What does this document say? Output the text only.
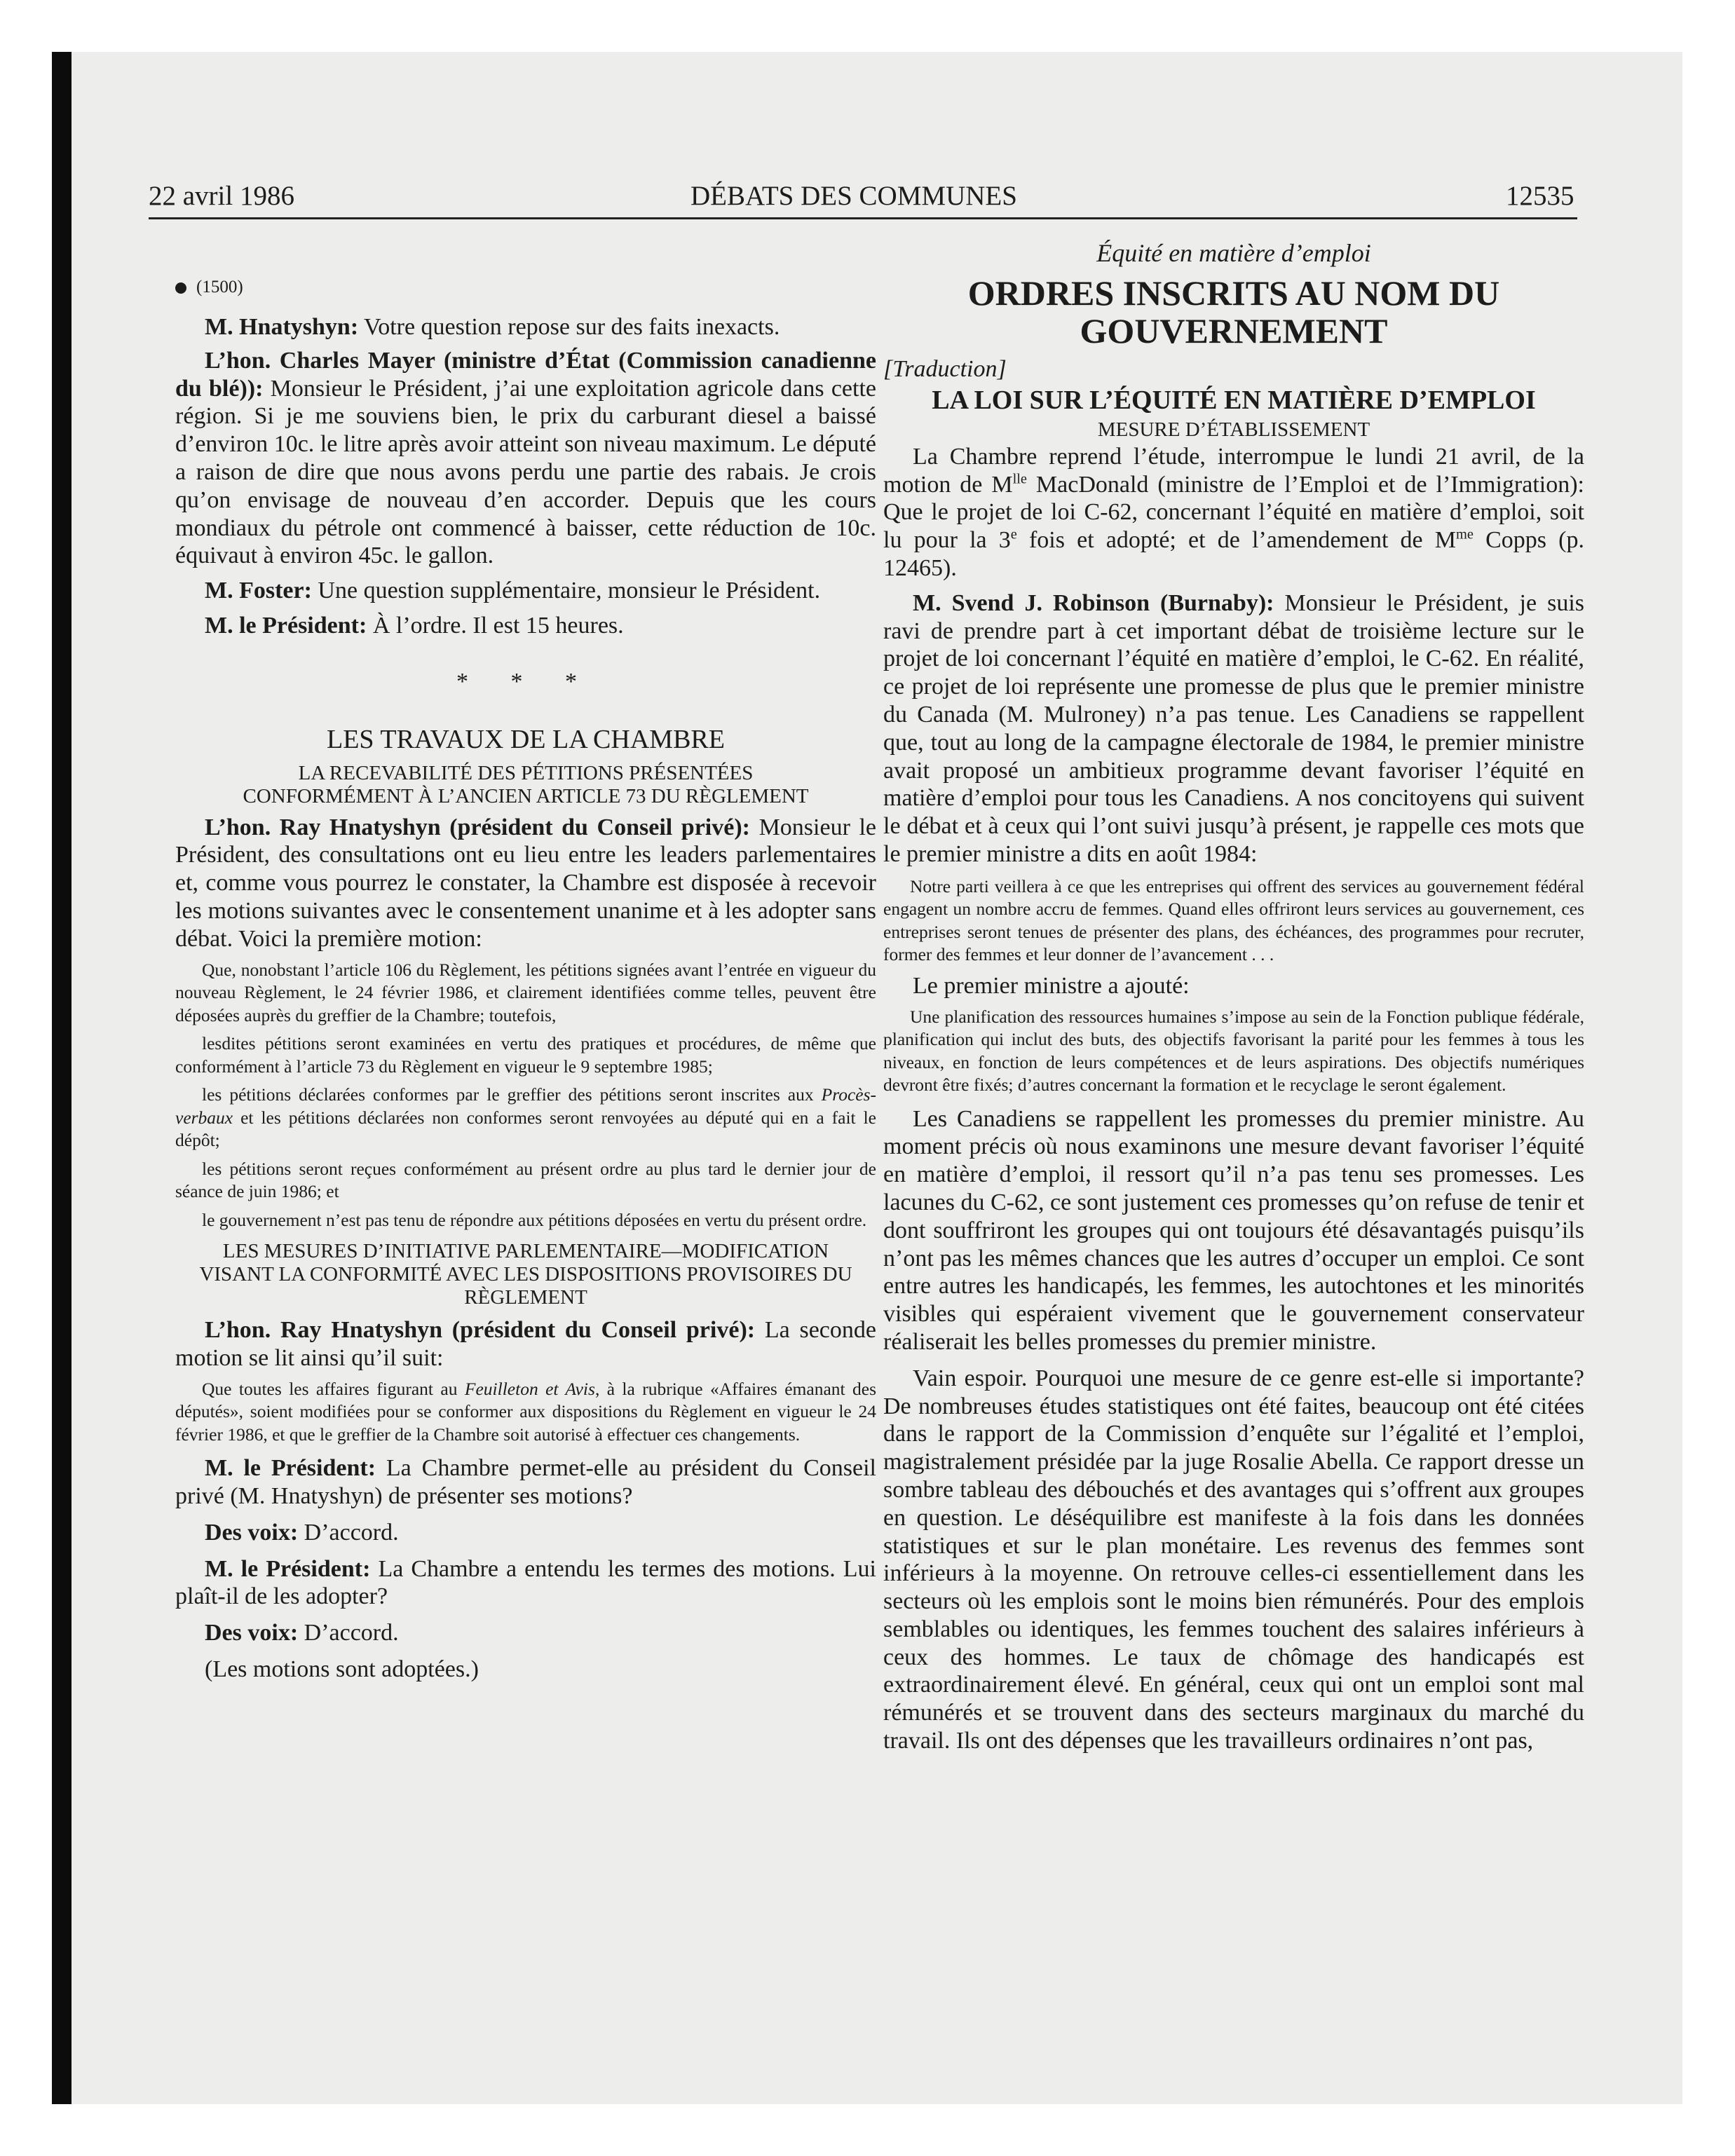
22 avril 1986	DÉBATS DES COMMUNES	12535

(1500)

M. Hnatyshyn: Votre question repose sur des faits inexacts.

L’hon. Charles Mayer (ministre d’État (Commission canadienne du blé)): Monsieur le Président, j’ai une exploitation agricole dans cette région. Si je me souviens bien, le prix du carburant diesel a baissé d’environ 10c. le litre après avoir atteint son niveau maximum. Le député a raison de dire que nous avons perdu une partie des rabais. Je crois qu’on envisage de nouveau d’en accorder. Depuis que les cours mondiaux du pétrole ont commencé à baisser, cette réduction de 10c. équivaut à environ 45c. le gallon.

M. Foster: Une question supplémentaire, monsieur le Président.

M. le Président: À l’ordre. Il est 15 heures.

* * *

LES TRAVAUX DE LA CHAMBRE

LA RECEVABILITÉ DES PÉTITIONS PRÉSENTÉES CONFORMÉMENT À L’ANCIEN ARTICLE 73 DU RÈGLEMENT

L’hon. Ray Hnatyshyn (président du Conseil privé): Monsieur le Président, des consultations ont eu lieu entre les leaders parlementaires et, comme vous pourrez le constater, la Chambre est disposée à recevoir les motions suivantes avec le consentement unanime et à les adopter sans débat. Voici la première motion:

Que, nonobstant l’article 106 du Règlement, les pétitions signées avant l’entrée en vigueur du nouveau Règlement, le 24 février 1986, et clairement identifiées comme telles, peuvent être déposées auprès du greffier de la Chambre; toutefois,

lesdites pétitions seront examinées en vertu des pratiques et procédures, de même que conformément à l’article 73 du Règlement en vigueur le 9 septembre 1985;

les pétitions déclarées conformes par le greffier des pétitions seront inscrites aux Procès-verbaux et les pétitions déclarées non conformes seront renvoyées au député qui en a fait le dépôt;

les pétitions seront reçues conformément au présent ordre au plus tard le dernier jour de séance de juin 1986; et

le gouvernement n’est pas tenu de répondre aux pétitions déposées en vertu du présent ordre.

LES MESURES D’INITIATIVE PARLEMENTAIRE—MODIFICATION VISANT LA CONFORMITÉ AVEC LES DISPOSITIONS PROVISOIRES DU RÈGLEMENT

L’hon. Ray Hnatyshyn (président du Conseil privé): La seconde motion se lit ainsi qu’il suit:

Que toutes les affaires figurant au Feuilleton et Avis, à la rubrique «Affaires émanant des députés», soient modifiées pour se conformer aux dispositions du Règlement en vigueur le 24 février 1986, et que le greffier de la Chambre soit autorisé à effectuer ces changements.

M. le Président: La Chambre permet-elle au président du Conseil privé (M. Hnatyshyn) de présenter ses motions?

Des voix: D’accord.

M. le Président: La Chambre a entendu les termes des motions. Lui plaît-il de les adopter?

Des voix: D’accord.

(Les motions sont adoptées.)

Équité en matière d’emploi

ORDRES INSCRITS AU NOM DU GOUVERNEMENT

[Traduction]

LA LOI SUR L’ÉQUITÉ EN MATIÈRE D’EMPLOI

MESURE D’ÉTABLISSEMENT

La Chambre reprend l’étude, interrompue le lundi 21 avril, de la motion de $M^{lle}$ MacDonald (ministre de l’Emploi et de l’Immigration): Que le projet de loi C-62, concernant l’équité en matière d’emploi, soit lu pour la 3e fois et adopté; et de l’amendement de $M^{me}$ Copps (p. 12465).

M. Svend J. Robinson (Burnaby): Monsieur le Président, je suis ravi de prendre part à cet important débat de troisième lecture sur le projet de loi concernant l’équité en matière d’emploi, le C-62. En réalité, ce projet de loi représente une promesse de plus que le premier ministre du Canada (M. Mulroney) n’a pas tenue. Les Canadiens se rappellent que, tout au long de la campagne électorale de 1984, le premier ministre avait proposé un ambitieux programme devant favoriser l’équité en matière d’emploi pour tous les Canadiens. A nos concitoyens qui suivent le débat et à ceux qui l’ont suivi jusqu’à présent, je rappelle ces mots que le premier ministre a dits en août 1984:

Notre parti veillera à ce que les entreprises qui offrent des services au gouvernement fédéral engagent un nombre accru de femmes. Quand elles offriront leurs services au gouvernement, ces entreprises seront tenues de présenter des plans, des échéances, des programmes pour recruter, former des femmes et leur donner de l’avancement . . .

Le premier ministre a ajouté:

Une planification des ressources humaines s’impose au sein de la Fonction publique fédérale, planification qui inclut des buts, des objectifs favorisant la parité pour les femmes à tous les niveaux, en fonction de leurs compétences et de leurs aspirations. Des objectifs numériques devront être fixés; d’autres concernant la formation et le recyclage le seront également.

Les Canadiens se rappellent les promesses du premier ministre. Au moment précis où nous examinons une mesure devant favoriser l’équité en matière d’emploi, il ressort qu’il n’a pas tenu ses promesses. Les lacunes du C-62, ce sont justement ces promesses qu’on refuse de tenir et dont souffriront les groupes qui ont toujours été désavantagés puisqu’ils n’ont pas les mêmes chances que les autres d’occuper un emploi. Ce sont entre autres les handicapés, les femmes, les autochtones et les minorités visibles qui espéraient vivement que le gouvernement conservateur réaliserait les belles promesses du premier ministre.

Vain espoir. Pourquoi une mesure de ce genre est-elle si importante? De nombreuses études statistiques ont été faites, beaucoup ont été citées dans le rapport de la Commission d’enquête sur l’égalité et l’emploi, magistralement présidée par la juge Rosalie Abella. Ce rapport dresse un sombre tableau des débouchés et des avantages qui s’offrent aux groupes en question. Le déséquilibre est manifeste à la fois dans les données statistiques et sur le plan monétaire. Les revenus des femmes sont inférieurs à la moyenne. On retrouve celles-ci essentiellement dans les secteurs où les emplois sont le moins bien rémunérés. Pour des emplois semblables ou identiques, les femmes touchent des salaires inférieurs à ceux des hommes. Le taux de chômage des handicapés est extraordinairement élevé. En général, ceux qui ont un emploi sont mal rémunérés et se trouvent dans des secteurs marginaux du marché du travail. Ils ont des dépenses que les travailleurs ordinaires n’ont pas,
